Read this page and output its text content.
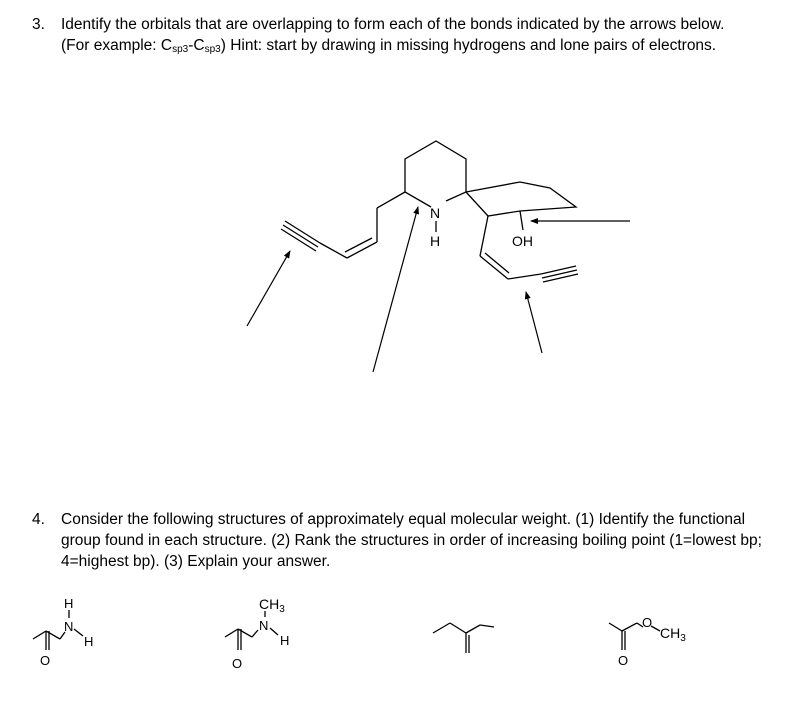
3. Identify the orbitals that are overlapping to form each of the bonds indicated by the arrows below. (For example: $C_{sp3}-C_{sp3}$) Hint: start by drawing in missing hydrogens and lone pairs of electrons.
4. Consider the following structures of approximately equal molecular weight. (1) Identify the functional group found in each structure. (2) Rank the structures in order of increasing boiling point (1=lowest bp; 4=highest bp). (3) Explain your answer.
N
H	OH
H
N
H
O
$CH_3$
N
H
O
O
$CH_3$
O
